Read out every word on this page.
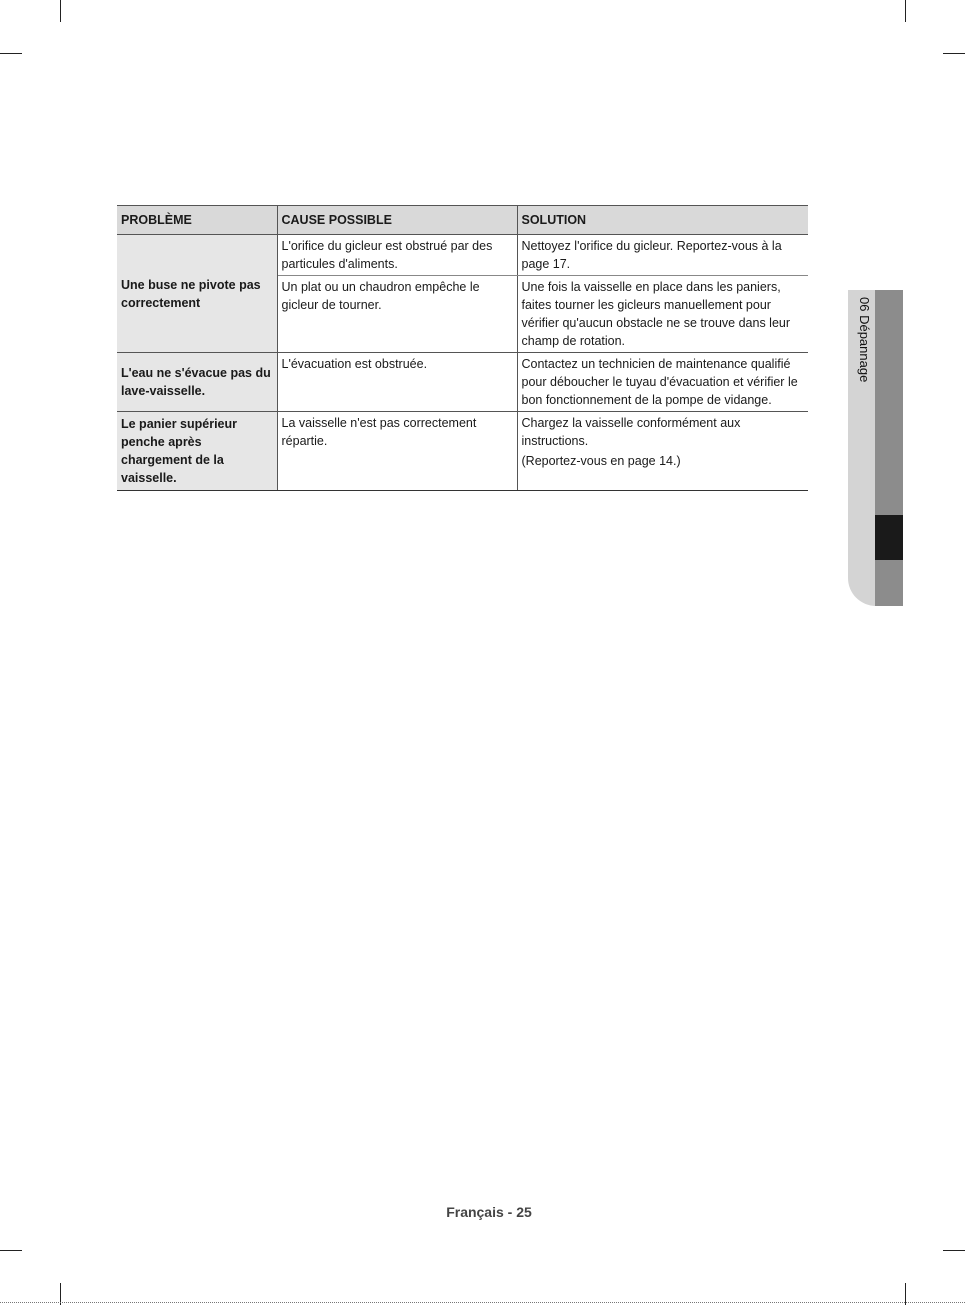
PROBLÈME	CAUSE POSSIBLE	SOLUTION
Une buse ne pivote pas correctement	L'orifice du gicleur est obstrué par des particules d'aliments.	Nettoyez l'orifice du gicleur. Reportez-vous à la page 17.
	Un plat ou un chaudron empêche le gicleur de tourner.	Une fois la vaisselle en place dans les paniers, faites tourner les gicleurs manuellement pour vérifier qu'aucun obstacle ne se trouve dans leur champ de rotation.
L'eau ne s'évacue pas du lave-vaisselle.	L'évacuation est obstruée.	Contactez un technicien de maintenance qualifié pour déboucher le tuyau d'évacuation et vérifier le bon fonctionnement de la pompe de vidange.
Le panier supérieur penche après chargement de la vaisselle.	La vaisselle n'est pas correctement répartie.	Chargez la vaisselle conformément aux instructions.
(Reportez-vous en page 14.)
06 Dépannage
Français - 25
